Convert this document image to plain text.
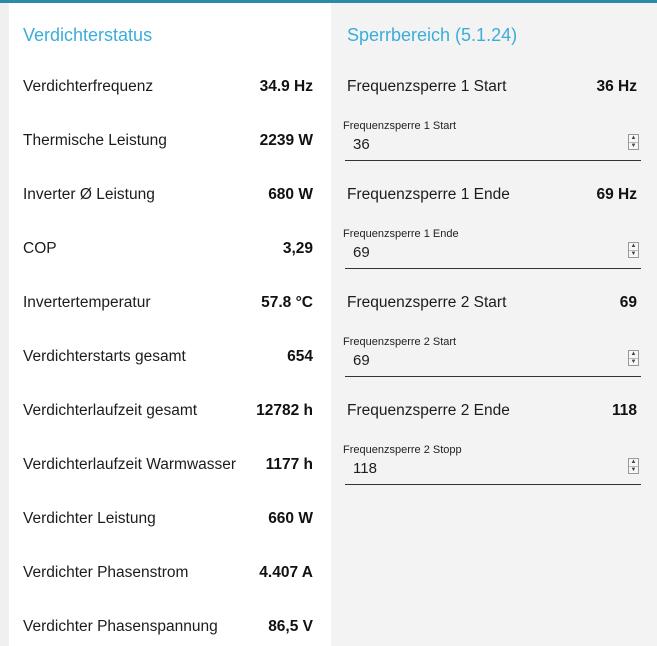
Verdichterstatus
Verdichterfrequenz	34.9 Hz
Thermische Leistung	2239 W
Inverter Ø Leistung	680 W
COP	3,29
Invertertemperatur	57.8 °C
Verdichterstarts gesamt	654
Verdichterlaufzeit gesamt	12782 h
Verdichterlaufzeit Warmwasser 1177 h
Verdichter Leistung	660 W
Verdichter Phasenstrom	4.407 A
Verdichter Phasenspannung	86,5 V
Sperrbereich (5.1.24)
Frequenzsperre 1 Start	36 Hz
Frequenzsperre 1 Start
36
▲
▼
Frequenzsperre 1 Ende	69 Hz
Frequenzsperre 1 Ende
69
▲
▼
Frequenzsperre 2 Start	69
Frequenzsperre 2 Start
69
▲
▼
Frequenzsperre 2 Ende	118
Frequenzsperre 2 Stopp
118
▲
▼
